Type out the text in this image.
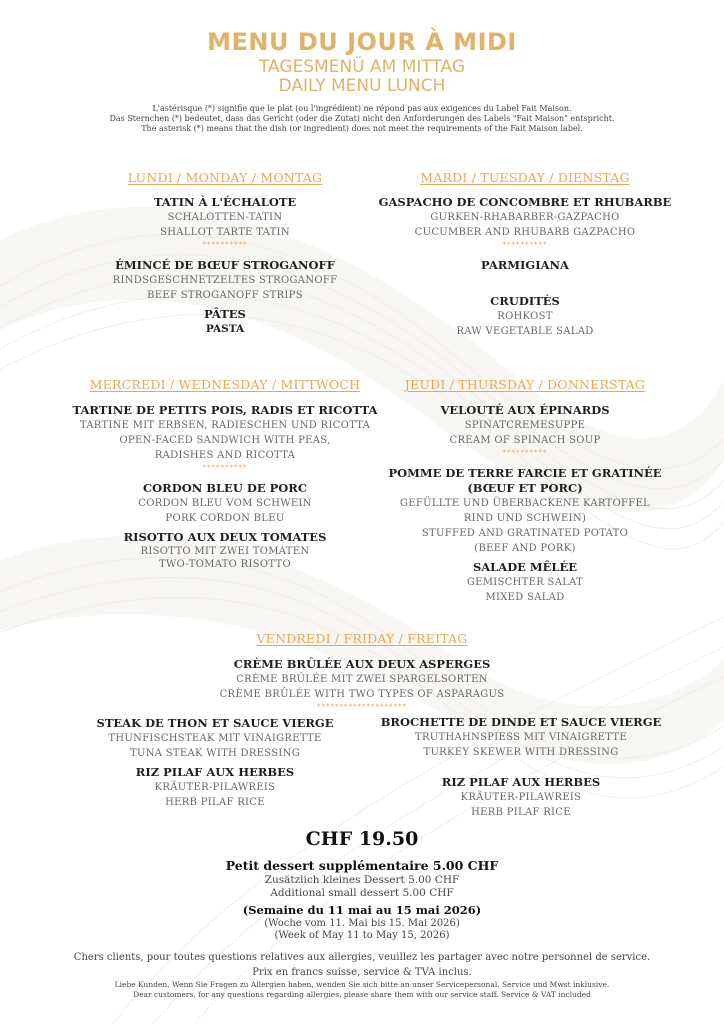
MENU DU JOUR À MIDI
TAGESMENÜ AM MITTAG
DAILY MENU LUNCH
L'astérisque (*) signifie que le plat (ou l'ingrédient) ne répond pas aux exigences du Label Fait Maison.
Das Sternchen (*) bedeutet, dass das Gericht (oder die Zutat) nicht den Anforderungen des Labels "Fait Maison" entspricht.
The asterisk (*) means that the dish (or ingredient) does not meet the requirements of the Fait Maison label.
LUNDI / MONDAY / MONTAG
TATIN À L'ÉCHALOTE
SCHALOTTEN-TATIN
SHALLOT TARTE TATIN
**********
ÉMINCÉ DE BŒUF STROGANOFF
RINDSGESCHNETZELTES STROGANOFF
BEEF STROGANOFF STRIPS
PÂTES
PASTA
MARDI / TUESDAY / DIENSTAG
GASPACHO DE CONCOMBRE ET RHUBARBE
GURKEN-RHABARBER-GAZPACHO
CUCUMBER AND RHUBARB GAZPACHO
**********
PARMIGIANA
CRUDITÉS
ROHKOST
RAW VEGETABLE SALAD
MERCREDI / WEDNESDAY / MITTWOCH
TARTINE DE PETITS POIS, RADIS ET RICOTTA
TARTINE MIT ERBSEN, RADIESCHEN UND RICOTTA
OPEN-FACED SANDWICH WITH PEAS,
RADISHES AND RICOTTA
**********
CORDON BLEU DE PORC
CORDON BLEU VOM SCHWEIN
PORK CORDON BLEU
RISOTTO AUX DEUX TOMATES
RISOTTO MIT ZWEI TOMATEN
TWO-TOMATO RISOTTO
JEUDI / THURSDAY / DONNERSTAG
VELOUTÉ AUX ÉPINARDS
SPINATCREMESUPPE
CREAM OF SPINACH SOUP
**********
POMME DE TERRE FARCIE ET GRATINÉE
(BŒUF ET PORC)
GEFÜLLTE UND ÜBERBACKENE KARTOFFEL
RIND UND SCHWEIN)
STUFFED AND GRATINATED POTATO
(BEEF AND PORK)
SALADE MÊLÉE
GEMISCHTER SALAT
MIXED SALAD
VENDREDI / FRIDAY / FREITAG
CRÈME BRÛLÉE AUX DEUX ASPERGES
CRÈME BRÛLÉE MIT ZWEI SPARGELSORTEN
CRÈME BRÛLÉE WITH TWO TYPES OF ASPARAGUS
********************
STEAK DE THON ET SAUCE VIERGE
THUNFISCHSTEAK MIT VINAIGRETTE
TUNA STEAK WITH DRESSING
RIZ PILAF AUX HERBES
KRÄUTER-PILAWREIS
HERB PILAF RICE
BROCHETTE DE DINDE ET SAUCE VIERGE
TRUTHAHNSPIESS MIT VINAIGRETTE
TURKEY SKEWER WITH DRESSING
RIZ PILAF AUX HERBES
KRÄUTER-PILAWREIS
HERB PILAF RICE
CHF 19.50
Petit dessert supplémentaire 5.00 CHF
Zusätzlich kleines Dessert 5.00 CHF
Additional small dessert 5.00 CHF
(Semaine du 11 mai au 15 mai 2026)
(Woche vom 11. Mai bis 15. Mai 2026)
(Week of May 11 to May 15, 2026)
Chers clients, pour toutes questions relatives aux allergies, veuillez les partager avec notre personnel de service.
Prix en francs suisse, service & TVA inclus.
Liebe Kunden, Wenn Sie Fragen zu Allergien haben, wenden Sie sich bitte an unser Servicepersonal. Service und Mwst inklusive.
Dear customers, for any questions regarding allergies, please share them with our service staff. Service & VAT included
